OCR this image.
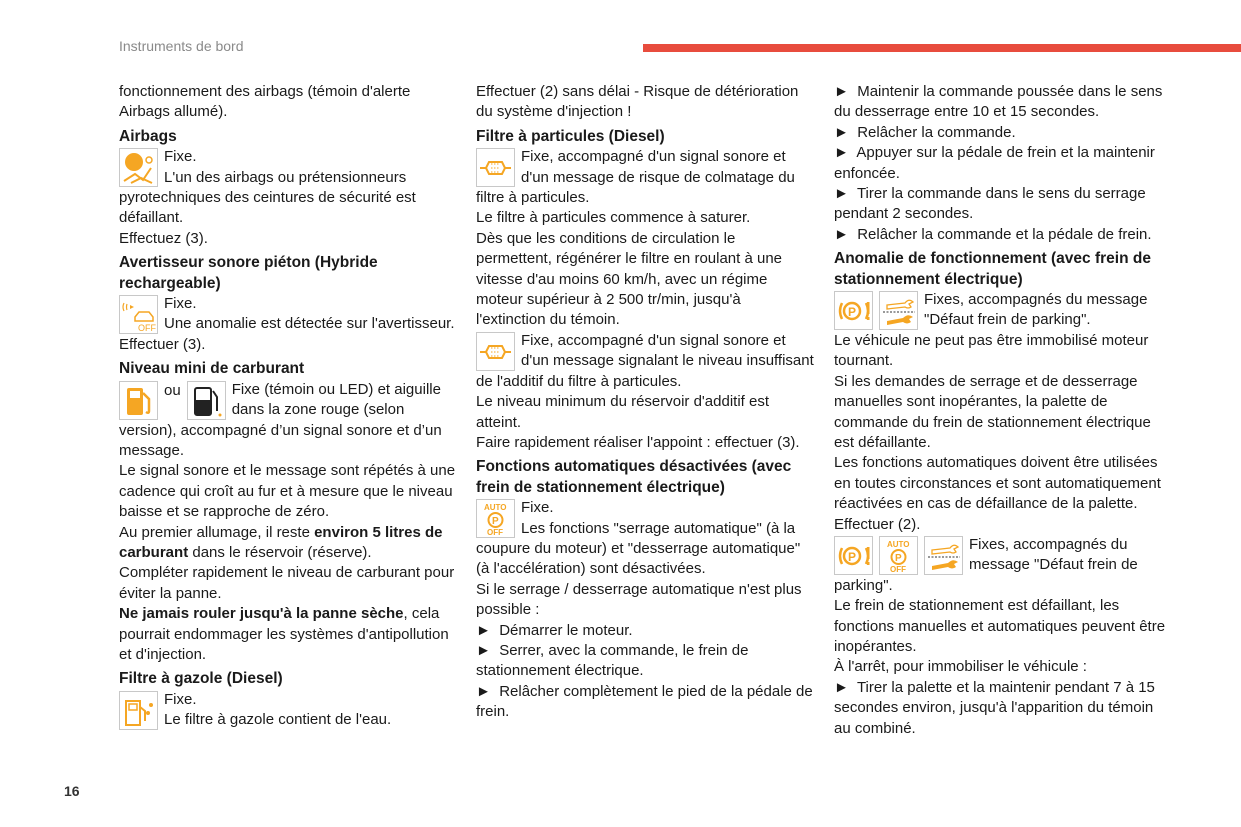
Instruments de bord
16

fonctionnement des airbags (témoin d'alerte Airbags allumé).

Airbags

Fixe.

L'un des airbags ou prétensionneurs pyrotechniques des ceintures de sécurité est défaillant.

Effectuez (3).

Avertisseur sonore piéton (Hybride rechargeable)
OFF

Fixe.

Une anomalie est détectée sur l'avertisseur.

Effectuer (3).

Niveau mini de carburant
ou	Fixe (témoin ou LED) et aiguille dans la zone rouge (selon version), accompagné d’un signal sonore et d’un message.

Le signal sonore et le message sont répétés à une cadence qui croît au fur et à mesure que le niveau baisse et se rapproche de zéro.

Au premier allumage, il reste environ 5 litres de carburant dans le réservoir (réserve).

Compléter rapidement le niveau de carburant pour éviter la panne.

Ne jamais rouler jusqu'à la panne sèche, cela pourrait endommager les systèmes d'antipollution et d'injection.

Filtre à gazole (Diesel)

Fixe.

Le filtre à gazole contient de l'eau.

Effectuer (2) sans délai - Risque de détérioration du système d'injection !

Filtre à particules (Diesel)

Fixe, accompagné d'un signal sonore et d'un message de risque de colmatage du filtre à particules.

Le filtre à particules commence à saturer.

Dès que les conditions de circulation le permettent, régénérer le filtre en roulant à une vitesse d'au moins 60 km/h, avec un régime moteur supérieur à 2 500 tr/min, jusqu'à l'extinction du témoin.

Fixe, accompagné d'un signal sonore et d'un message signalant le niveau insuffisant de l'additif du filtre à particules.

Le niveau minimum du réservoir d'additif est atteint.

Faire rapidement réaliser l'appoint : effectuer (3).

Fonctions automatiques désactivées (avec frein de stationnement électrique)
AUTO
P
OFF

Fixe.

Les fonctions "serrage automatique" (à la coupure du moteur) et "desserrage automatique" (à l'accélération) sont désactivées.

Si le serrage / desserrage automatique n'est plus possible :

► Démarrer le moteur.

► Serrer, avec la commande, le frein de stationnement électrique.

► Relâcher complètement le pied de la pédale de frein.

► Maintenir la commande poussée dans le sens du desserrage entre 10 et 15 secondes.

► Relâcher la commande.

► Appuyer sur la pédale de frein et la maintenir enfoncée.

► Tirer la commande dans le sens du serrage pendant 2 secondes.

► Relâcher la commande et la pédale de frein.

Anomalie de fonctionnement (avec frein de stationnement électrique)
P

Fixes, accompagnés du message "Défaut frein de parking".

Le véhicule ne peut pas être immobilisé moteur tournant.

Si les demandes de serrage et de desserrage manuelles sont inopérantes, la palette de commande du frein de stationnement électrique est défaillante.

Les fonctions automatiques doivent être utilisées en toutes circonstances et sont automatiquement réactivées en cas de défaillance de la palette.

Effectuer (2).

P
AUTO
P
OFF

Fixes, accompagnés du message "Défaut frein de parking".

Le frein de stationnement est défaillant, les fonctions manuelles et automatiques peuvent être inopérantes.

À l'arrêt, pour immobiliser le véhicule :

► Tirer la palette et la maintenir pendant 7 à 15 secondes environ, jusqu'à l'apparition du témoin au combiné.
